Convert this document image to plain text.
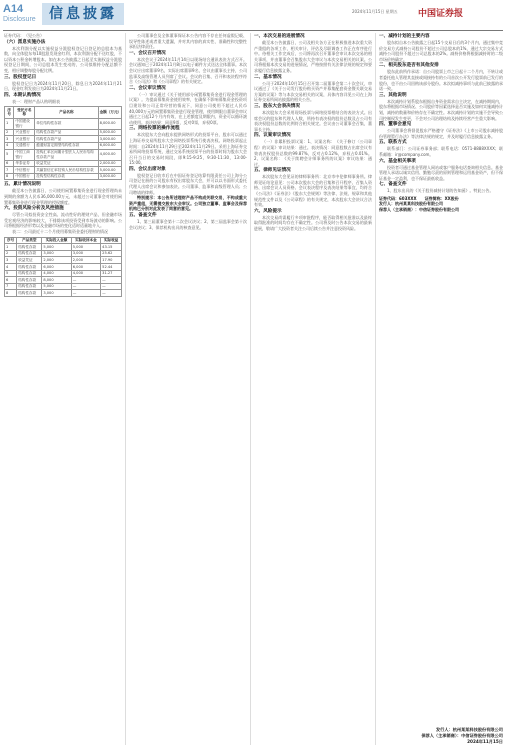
A14
Disclosure 信息披露	2024年11月15日 星期五 中国证券报

证券代码：（见公告）

（六）派息实施办法

本次利润分配以实施权益分派股权登记日登记的总股本为基数，向全体股东每10股派发现金红利，本次利润分配不送红股，不以资本公积金转增股本。如在本公告披露之日起至实施权益分派股权登记日期间，公司总股本发生变动的，公司拟维持分配总额不变，相应调整每股分配比例。

三、股权登记日

股权登记日为2024年11月20日，除息日为2024年11月21日，现金红利发放日为2024年11月21日。

四、本期认购情况

表一：理财产品认购明细表

序号	受托方名称	产品名称	金额（万元）
1	中国建设银行	单位结构性存款	8,000.00
2	兴业银行	结构性存款产品	5,000.00
3	兴业银行	结构性存款产品	3,000.00
4	交通银行	蕴通财富定期型结构性存款	6,000.00
5	中国工商银行	挂钩汇率区间累计型法人人民币结构性存款产品	4,000.00
6	华泰证券	收益凭证	2,000.00
7	中信银行	共赢智信汇率挂钩人民币结构性存款	5,000.00
8	中国银行	挂钩型结构性存款	3,000.00
五、累计情况说明

截至本公告披露日，公司使用闲置募集资金进行现金管理尚未到期的余额为人民币36,000.00万元，未超过公司董事会对使用闲置募集资金进行现金管理的授权额度。

六、投资风险分析及风控措施

尽管公司拟投资安全性高、流动性好的理财产品，但金融市场受宏观经济的影响较大，不排除该项投资受到市场波动的影响。公司将根据经济形势以及金融市场的变化适时适量地介入。

表二：公司最近十二个月使用募集资金委托理财的情况

序号	产品类型	实际投入金额	实际收回本金	实际收益
1	结构性存款	5,000	5,000	43.15
2	结构性存款	3,000	3,000	25.62
3	收益凭证	2,000	2,000	17.90
4	结构性存款	6,000	6,000	52.44
5	结构性存款	4,000	4,000	31.27
6	结构性存款	8,000	—	—
7	结构性存款	5,000	—	—
8	结构性存款	3,000	—	—

公司董事会及全体董事保证本公告内容不存在任何虚假记载、误导性陈述或者重大遗漏，并对其内容的真实性、准确性和完整性承担法律责任。

一、会议召开情况

本次会议于2024年11月14日以现场结合通讯表决方式召开。会议通知已于2024年11月8日以电子邮件方式送达全体董事。本次会议应出席董事9名，实际出席董事9名，会议由董事长主持，公司监事及高级管理人员列席了会议。会议的召集、召开和表决程序符合《公司法》和《公司章程》的有关规定。

二、会议审议情况

（一）审议通过《关于使用部分闲置募集资金进行现金管理的议案》。为提高募集资金使用效率，在确保不影响募集资金投资项目建设和公司正常经营的情况下，同意公司使用不超过人民币40,000万元的闲置募集资金进行现金管理，使用期限自董事会审议通过之日起12个月内有效，在上述额度及期限内，资金可以循环滚动使用。表决结果：同意9票，反对0票，弃权0票。

三、网络投票的操作流程

本次股东大会向股东提供网络形式的投票平台，股东可以通过上海证券交易所股东大会网络投票系统行使表决权。网络投票起止时间：自2024年11月29日至2024年11月29日。采用上海证券交易所网络投票系统，通过交易系统投票平台的投票时间为股东大会召开当日的交易时间段，即9:15-9:25，9:30-11:30，13:00-15:00。

四、会议出席对象

股权登记日收市后在中国证券登记结算有限责任公司上海分公司登记在册的公司股东有权出席股东大会，并可以以书面形式委托代理人出席会议和参加表决。公司董事、监事和高级管理人员；公司聘请的律师。

特别提示：本公告所述理财产品不构成关联交易，不构成重大资产重组，无需提交股东大会审议。公司独立董事、监事会及保荐机构已分别对此发表了同意的意见。

五、备查文件

1、第三届董事会第十二次会议决议；2、第三届监事会第十次会议决议；3、保荐机构出具的核查意见。

一、本次交易的进展情况

截至本公告披露日，公司及相关各方正在积极推进本次重大资产重组的各项工作，相关审计、评估及尽职调查工作正在有序进行中。待相关工作完成后，公司将再次召开董事会审议本次交易的相关事项，并由董事会召集股东大会审议与本次交易相关的议案。公司将根据本次交易的进展情况，严格按照有关法律法规的规定和要求履行信息披露义务。

二、基本情况

公司于2024年10月15日召开第二届董事会第二十次会议，审议通过了《关于公司发行股份购买资产并募集配套资金暨关联交易方案的议案》等与本次交易相关的议案，具体内容详见公司在上海证券交易所网站披露的相关公告。

三、股东大会表决情况

本次股东大会采用现场投票与网络投票相结合的表决方式。出席会议的股东和代理人人数，所持有表决权的股份总数及占公司有表决权股份总数的比例符合相关规定。会议由公司董事会召集，董事长主持。

四、议案审议情况

（一）非累积投票议案：1、议案名称：《关于修订〈公司章程〉的议案》审议结果：通过。表决情况：同意股数占出席会议有效表决权股份总数的99.87%，反对占0.12%，弃权占0.01%。2、议案名称：《关于续聘会计师事务所的议案》审议结果：通过。

五、律师见证情况

本次股东大会见证的律师事务所：北京市中伦律师事务所。律师见证结论意见：公司本次股东大会的召集和召开程序、召集人资格、出席会议人员资格、会议表决程序及表决结果等事宜，均符合《公司法》《证券法》《股东大会规则》等法律、法规、规章和其他规范性文件以及《公司章程》的有关规定，本次股东大会决议合法有效。

六、风险提示

本次交易尚需履行多项审批程序，能否取得相关批准以及最终取得批准的时间均存在不确定性。公司将及时公告本次交易的最新进展，敬请广大投资者关注公司后续公告并注意投资风险。

一、减持计划的主要内容

股东拟自本公告披露之日起15个交易日后的3个月内，通过集中竞价交易方式减持公司股份不超过公司总股本的1%，通过大宗交易方式减持公司股份不超过公司总股本的2%。减持价格将根据减持时的二级市场价格确定。

二、相关股东是否有其他安排

股东此前所作承诺：自公司股票上市之日起十二个月内，不转让或者委托他人管理其直接或间接持有的公司首次公开发行股票前已发行的股份，也不由公司回购该部分股份。本次拟减持事项与此前已披露的承诺一致。

三、其他说明

本次减持计划系股东根据自身资金需求自主决定，在减持期间内，股东将根据市场情况、公司股价等因素选择是否实施及如何实施减持计划，减持的数量和价格存在不确定性。本次减持计划的实施不会导致公司控制权发生变更，不会对公司治理结构及持续经营产生重大影响。

四、董事会意见

公司董事会将督促股东严格遵守《证券法》《上市公司股东减持股份管理暂行办法》等法律法规的规定，并及时履行信息披露义务。

五、联系方式

联系部门：公司证券事务部；联系电话：0571-8888XXXX；联系邮箱：ir@company.com。

六、基金相关事项

投资者可通过基金管理人网站或客户服务电话查询相关信息。基金管理人承诺以诚实信用、勤勉尽责的原则管理和运用基金资产，但不保证基金一定盈利，也不保证最低收益。

七、备查文件

1、股东出具的《关于股份减持计划的告知函》。特此公告。

证券代码：603XXX　　证券简称：XX股份

发行人：杭州某某科技股份有限公司

保荐人（主承销商）：中信证券股份有限公司

发行人：杭州某某科技股份有限公司
保荐人（主承销商）：中信证券股份有限公司
2024年11月15日
